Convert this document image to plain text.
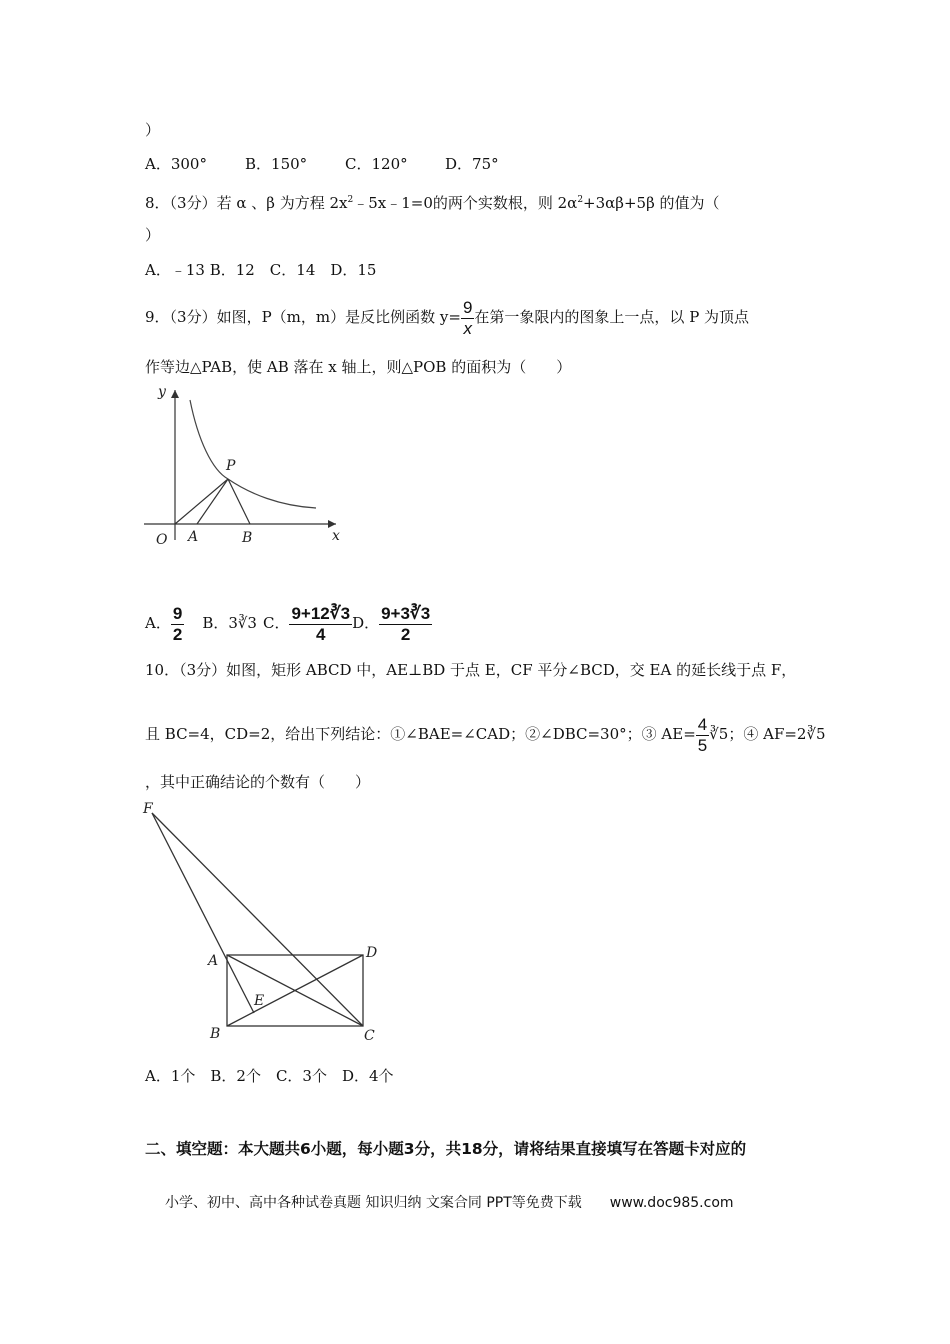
）
A．300°	B．150°	C．120° D．75°
8．（3分）若 α 、β 为方程 $2x^2﹣5x﹣1=0$的两个实数根，则 $2\alpha^2+3\alpha\beta+5\beta$ 的值为（
）
A．﹣13 B．12　C．14　D．15
9．（3分）如图，P（m，m）是反比例函数 $y= \frac{9}{x}$ 在第一象限内的图象上一点，以 P 为顶点
作等边△PAB，使 AB 落在 x 轴上，则△POB 的面积为（　　）
y
x
O A	B
P
A． $\frac{9}{2}$ B．3∛3 C． $\frac{9+12∛3}{4}$ D． $\frac{9+3∛3}{2}$
10．（3分）如图，矩形 ABCD 中，AE⊥BD 于点 E，CF 平分∠BCD，交 EA 的延长线于点 F，
且 BC=4，CD=2，给出下列结论：①∠BAE=∠CAD；②∠DBC=30°；③ $AE= \frac{4}{5}$ ∛5；④ AF=2∛5
，其中正确结论的个数有（　　）
F
A	D
E
B	C
A．1个　B．2个　C．3个　D．4个
二、填空题：本大题共6小题，每小题3分，共18分，请将结果直接填写在答题卡对应的
小学、初中、高中各种试卷真题 知识归纳 文案合同 PPT等免费下载　　www.doc985.com
